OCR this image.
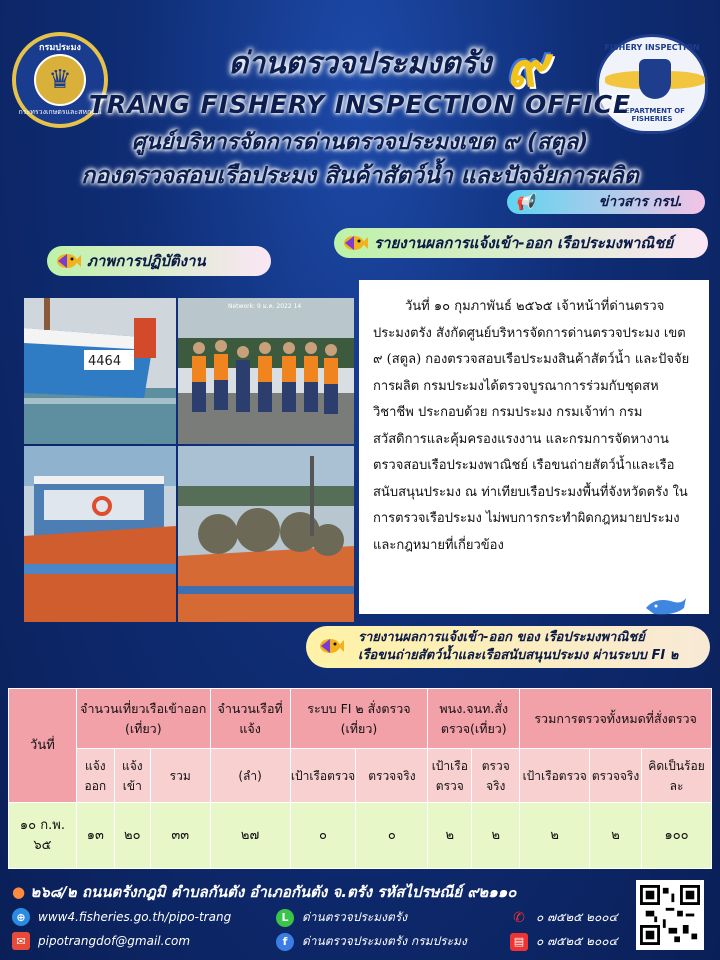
กรมประมง
♛
กระทรวงเกษตรและสหกรณ์
ด่านตรวจประมงตรัง ๙	FISHERY INSPECTION
DEPARTMENT OF FISHERIES
TRANG FISHERY INSPECTION OFFICE
ศูนย์บริหารจัดการด่านตรวจประมงเขต ๙ (สตูล)
กองตรวจสอบเรือประมง สินค้าสัตว์น้ำ และปัจจัยการผลิต
📢	ข่าวสาร กรป.
รายงานผลการแจ้งเข้า-ออก เรือประมงพาณิชย์
ภาพการปฏิบัติงาน
4464
Network: 9 ม.ค. 2022 14	วันที่ ๑๐ กุมภาพันธ์ ๒๕๖๕ เจ้าหน้าที่ด่านตรวจประมงตรัง สังกัดศูนย์บริหารจัดการด่านตรวจประมง เขต ๙ (สตูล) กองตรวจสอบเรือประมงสินค้าสัตว์น้ำ และปัจจัยการผลิต กรมประมงได้ตรวจบูรณาการร่วมกับชุดสหวิชาชีพ ประกอบด้วย กรมประมง กรมเจ้าท่า กรมสวัสดิการและคุ้มครองแรงงาน และกรมการจัดหางาน ตรวจสอบเรือประมงพาณิชย์ เรือขนถ่ายสัตว์น้ำและเรือสนับสนุนประมง ณ ท่าเทียบเรือประมงพื้นที่จังหวัดตรัง ในการตรวจเรือประมง ไม่พบการกระทำผิดกฎหมายประมงและกฎหมายที่เกี่ยวข้อง

รายงานผลการแจ้งเข้า-ออก ของ เรือประมงพาณิชย์
เรือขนถ่ายสัตว์น้ำและเรือสนับสนุนประมง ผ่านระบบ FI ๒
วันที่	จำนวนเที่ยวเรือเข้าออก (เที่ยว)			จำนวนเรือที่แจ้ง	ระบบ FI ๒ สั่งตรวจ (เที่ยว)		พนง.จนท.สั่งตรวจ(เที่ยว)		รวมการตรวจทั้งหมดที่สั่งตรวจ		
	แจ้งออก	แจ้งเข้า	รวม	(ลำ)	เป้าเรือตรวจ	ตรวจจริง	เป้าเรือตรวจ	ตรวจจริง	เป้าเรือตรวจ	ตรวจจริง	คิดเป็นร้อยละ
๑๐ ก.พ. ๖๕	๑๓	๒๐	๓๓	๒๗	๐	๐	๒	๒	๒	๒	๑๐๐
● ๒๖๘/๒ ถนนตรังกฎมิ ตำบลกันตัง อำเภอกันตัง จ.ตรัง รหัสไปรษณีย์ ๙๒๑๑๐
⊕	www4.fisheries.go.th/pipo-trang	L	ด่านตรวจประมงตรัง	✆ ๐ ๗๕๒๕ ๒๐๐๔
✉	pipotrangdof@gmail.com	f	ด่านตรวจประมงตรัง กรมประมง	▤ ๐ ๗๕๒๕ ๒๐๐๔
